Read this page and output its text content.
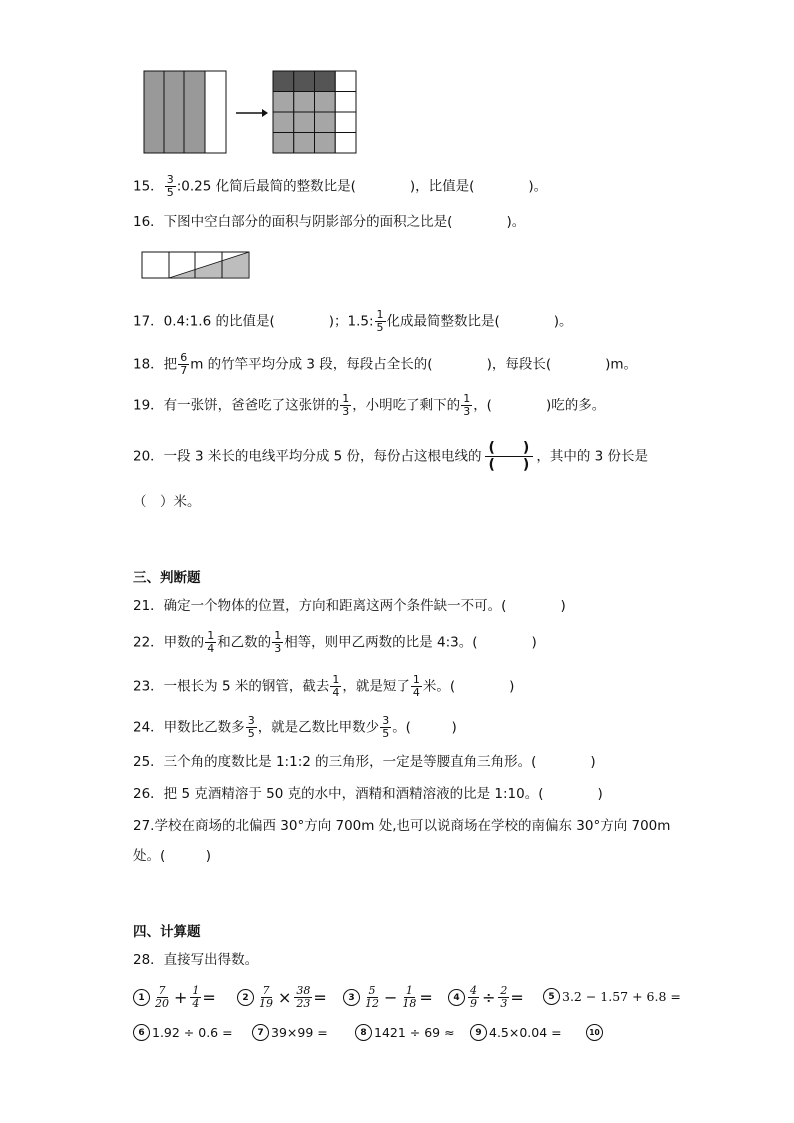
15． $\frac{3}{5}$ :0.25 化简后最简的整数比是(　　　　)，比值是(　　　　)。
16．下图中空白部分的面积与阴影部分的面积之比是(　　　　)。
17．0.4:1.6 的比值是(　　　　)；1.5: $\frac{1}{5}$ 化成最简整数比是(　　　　)。
18．把 $\frac{6}{7}$ m 的竹竿平均分成 3 段，每段占全长的(　　　　)，每段长(　　　　)m。
19．有一张饼，爸爸吃了这张饼的 $\frac{1}{3}$ ，小明吃了剩下的 $\frac{1}{3}$ ，(　　　　)吃的多。
20．一段 3 米长的电线平均分成 5 份，每份占这根电线的 $\frac{( )}{( )}$ ，其中的 3 份长是
（　）米。
三、判断题
21．确定一个物体的位置，方向和距离这两个条件缺一不可。(　　　　)
22．甲数的 $\frac{1}{4}$ 和乙数的 $\frac{1}{3}$ 相等，则甲乙两数的比是 4:3。(　　　　)
23．一根长为 5 米的钢管，截去 $\frac{1}{4}$ ，就是短了 $\frac{1}{4}$ 米。(　　　　)
24．甲数比乙数多 $\frac{3}{5}$ ，就是乙数比甲数少 $\frac{3}{5}$ 。(　　　)
25．三个角的度数比是 1:1:2 的三角形，一定是等腰直角三角形。(　　　　)
26．把 5 克酒精溶于 50 克的水中，酒精和酒精溶液的比是 1:10。(　　　　)
27.学校在商场的北偏西 30°方向 700m 处,也可以说商场在学校的南偏东 30°方向 700m
处。(　　　)
四、计算题
28．直接写出得数。
$1 \frac{7}{20} + \frac{1}{4}$ =	$2 \frac{7}{19} \times \frac{38}{23}$ =	$3 \frac{5}{12} - \frac{1}{18}$ =	$4 \frac{4}{9} \div \frac{2}{3}$ =	5 3.2 − 1.57 + 6.8 =
6 1.92 ÷ 0.6 =	7 39×99 =	8 1421 ÷ 69 ≈	9 4.5×0.04 =	10
